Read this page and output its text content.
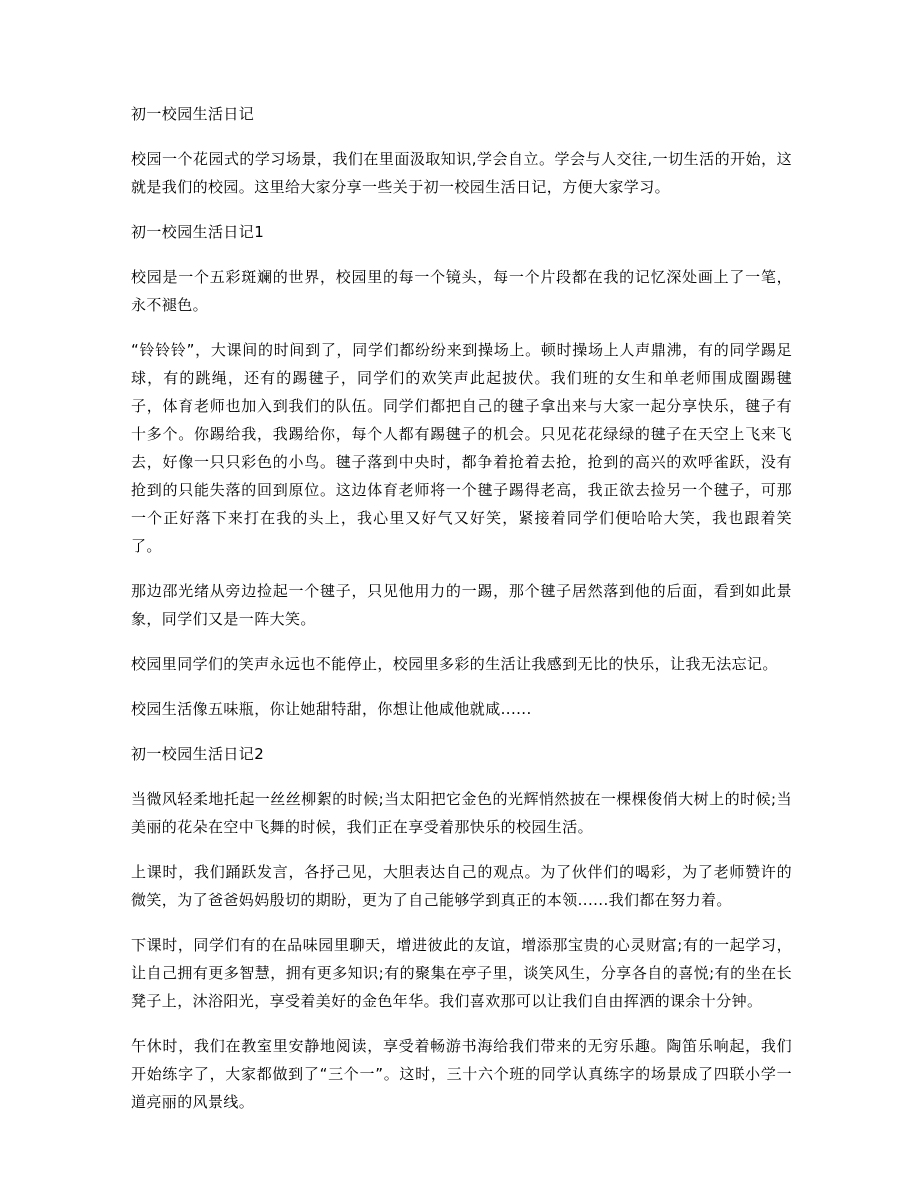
初一校园生活日记

校园一个花园式的学习场景，我们在里面汲取知识,学会自立。学会与人交往,一切生活的开始，这就是我们的校园。这里给大家分享一些关于初一校园生活日记，方便大家学习。

初一校园生活日记1

校园是一个五彩斑斓的世界，校园里的每一个镜头，每一个片段都在我的记忆深处画上了一笔，永不褪色。

“铃铃铃”，大课间的时间到了，同学们都纷纷来到操场上。顿时操场上人声鼎沸，有的同学踢足球，有的跳绳，还有的踢毽子，同学们的欢笑声此起披伏。我们班的女生和单老师围成圈踢毽子，体育老师也加入到我们的队伍。同学们都把自己的毽子拿出来与大家一起分享快乐，毽子有十多个。你踢给我，我踢给你，每个人都有踢毽子的机会。只见花花绿绿的毽子在天空上飞来飞去，好像一只只彩色的小鸟。毽子落到中央时，都争着抢着去抢，抢到的高兴的欢呼雀跃，没有抢到的只能失落的回到原位。这边体育老师将一个毽子踢得老高，我正欲去捡另一个毽子，可那一个正好落下来打在我的头上，我心里又好气又好笑，紧接着同学们便哈哈大笑，我也跟着笑了。

那边邵光绪从旁边捡起一个毽子，只见他用力的一踢，那个毽子居然落到他的后面，看到如此景象，同学们又是一阵大笑。

校园里同学们的笑声永远也不能停止，校园里多彩的生活让我感到无比的快乐，让我无法忘记。

校园生活像五味瓶，你让她甜特甜，你想让他咸他就咸......

初一校园生活日记2

当微风轻柔地托起一丝丝柳絮的时候;当太阳把它金色的光辉悄然披在一棵棵俊俏大树上的时候;当美丽的花朵在空中飞舞的时候，我们正在享受着那快乐的校园生活。

上课时，我们踊跃发言，各抒己见，大胆表达自己的观点。为了伙伴们的喝彩，为了老师赞许的微笑，为了爸爸妈妈殷切的期盼，更为了自己能够学到真正的本领......我们都在努力着。

下课时，同学们有的在品味园里聊天，增进彼此的友谊，增添那宝贵的心灵财富;有的一起学习，让自己拥有更多智慧，拥有更多知识;有的聚集在亭子里，谈笑风生，分享各自的喜悦;有的坐在长凳子上，沐浴阳光，享受着美好的金色年华。我们喜欢那可以让我们自由挥洒的课余十分钟。

午休时，我们在教室里安静地阅读，享受着畅游书海给我们带来的无穷乐趣。陶笛乐响起，我们开始练字了，大家都做到了“三个一”。这时，三十六个班的同学认真练字的场景成了四联小学一道亮丽的风景线。
